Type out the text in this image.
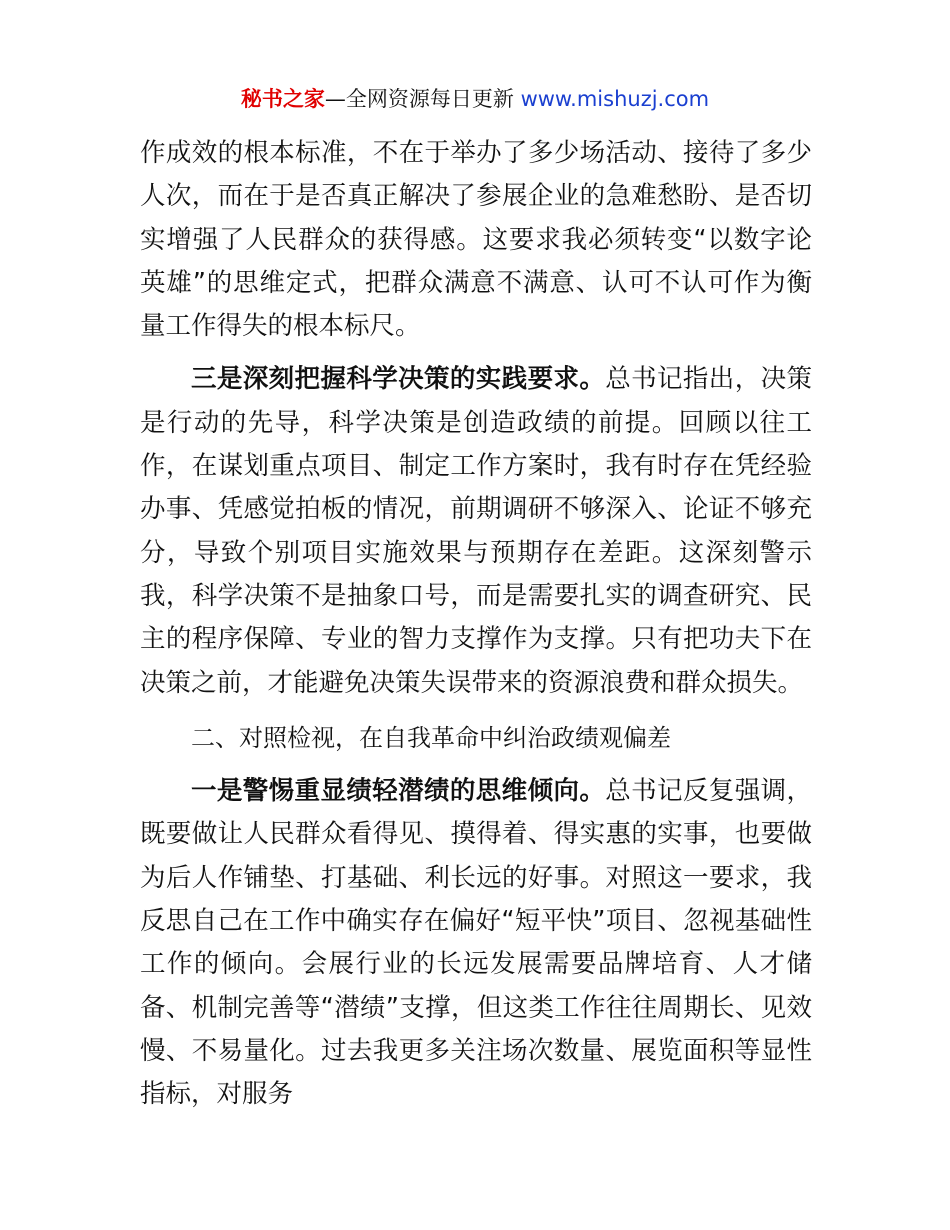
秘书之家—全网资源每日更新 www.mishuzj.com

作成效的根本标准，不在于举办了多少场活动、接待了多少人次，而在于是否真正解决了参展企业的急难愁盼、是否切实增强了人民群众的获得感。这要求我必须转变“以数字论英雄”的思维定式，把群众满意不满意、认可不认可作为衡量工作得失的根本标尺。

三是深刻把握科学决策的实践要求。总书记指出，决策是行动的先导，科学决策是创造政绩的前提。回顾以往工作，在谋划重点项目、制定工作方案时，我有时存在凭经验办事、凭感觉拍板的情况，前期调研不够深入、论证不够充分，导致个别项目实施效果与预期存在差距。这深刻警示我，科学决策不是抽象口号，而是需要扎实的调查研究、民主的程序保障、专业的智力支撑作为支撑。只有把功夫下在决策之前，才能避免决策失误带来的资源浪费和群众损失。

二、对照检视，在自我革命中纠治政绩观偏差

一是警惕重显绩轻潜绩的思维倾向。总书记反复强调，既要做让人民群众看得见、摸得着、得实惠的实事，也要做为后人作铺垫、打基础、利长远的好事。对照这一要求，我反思自己在工作中确实存在偏好“短平快”项目、忽视基础性工作的倾向。会展行业的长远发展需要品牌培育、人才储备、机制完善等“潜绩”支撑，但这类工作往往周期长、见效慢、不易量化。过去我更多关注场次数量、展览面积等显性指标，对服务
